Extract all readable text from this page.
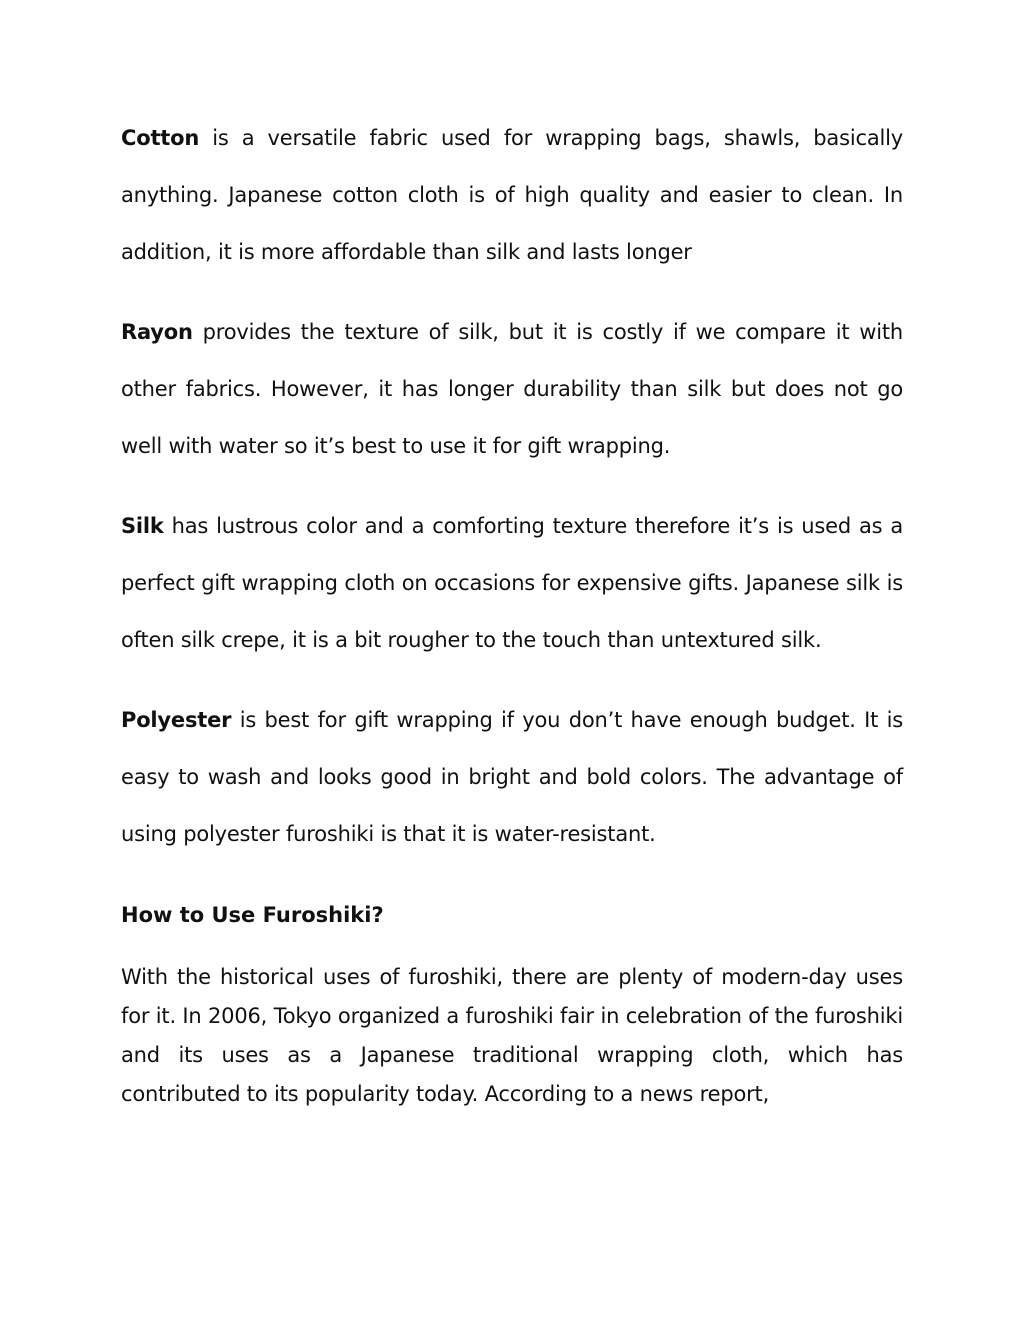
Cotton is a versatile fabric used for wrapping bags, shawls, basically anything. Japanese cotton cloth is of high quality and easier to clean. In addition, it is more affordable than silk and lasts longer

Rayon provides the texture of silk, but it is costly if we compare it with other fabrics. However, it has longer durability than silk but does not go well with water so it’s best to use it for gift wrapping.

Silk has lustrous color and a comforting texture therefore it’s is used as a perfect gift wrapping cloth on occasions for expensive gifts. Japanese silk is often silk crepe, it is a bit rougher to the touch than untextured silk.

Polyester is best for gift wrapping if you don’t have enough budget. It is easy to wash and looks good in bright and bold colors. The advantage of using polyester furoshiki is that it is water-resistant.

How to Use Furoshiki?

With the historical uses of furoshiki, there are plenty of modern-day uses for it. In 2006, Tokyo organized a furoshiki fair in celebration of the furoshiki and its uses as a Japanese traditional wrapping cloth, which has contributed to its popularity today. According to a news report,
